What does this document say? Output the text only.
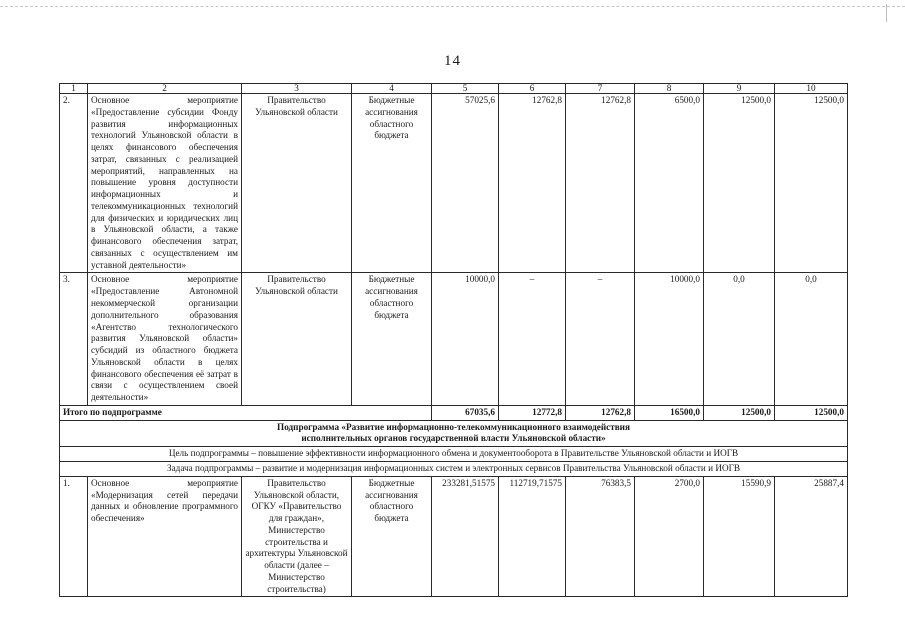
14
1	2	3	4	5	6	7	8	9	10
2.	Основное мероприятие «Предоставление субсидии Фонду развития информационных технологий Ульяновской области в целях финансового обеспечения затрат, связанных с реализацией мероприятий, направленных на повышение уровня доступности информационных и телекоммуникационных технологий для физических и юридических лиц в Ульяновской области, а также финансового обеспечения затрат, связанных с осуществлением им уставной деятельности»	Правительство Ульяновской области	Бюджетные ассигнования областного бюджета	57025,6	12762,8	12762,8	6500,0	12500,0	12500,0
3.	Основное мероприятие «Предоставление Автономной некоммерческой организации дополнительного образования «Агентство технологического развития Ульяновской области» субсидий из областного бюджета Ульяновской области в целях финансового обеспечения её затрат в связи с осуществлением своей деятельности»	Правительство Ульяновской области	Бюджетные ассигнования областного бюджета	10000,0	–	–	10000,0	0,0	0,0
Итого по подпрограмме				67035,6	12772,8	12762,8	16500,0	12500,0	12500,0

Подпрограмма «Развитие информационно-телекоммуникационного взаимодействия
исполнительных органов государственной власти Ульяновской области»									

Цель подпрограммы – повышение эффективности информационного обмена и документооборота в Правительстве Ульяновской области и ИОГВ									
Задача подпрограммы – развитие и модернизация информационных систем и электронных сервисов Правительства Ульяновской области и ИОГВ									
1.	Основное мероприятие «Модернизация сетей передачи данных и обновление программного обеспечения»	Правительство Ульяновской области, ОГКУ «Правительство для граждан», Министерство строительства и архитектуры Ульяновской области (далее – Министерство строительства)	Бюджетные ассигнования областного бюджета	233281,51575	112719,71575	76383,5	2700,0	15590,9	25887,4
